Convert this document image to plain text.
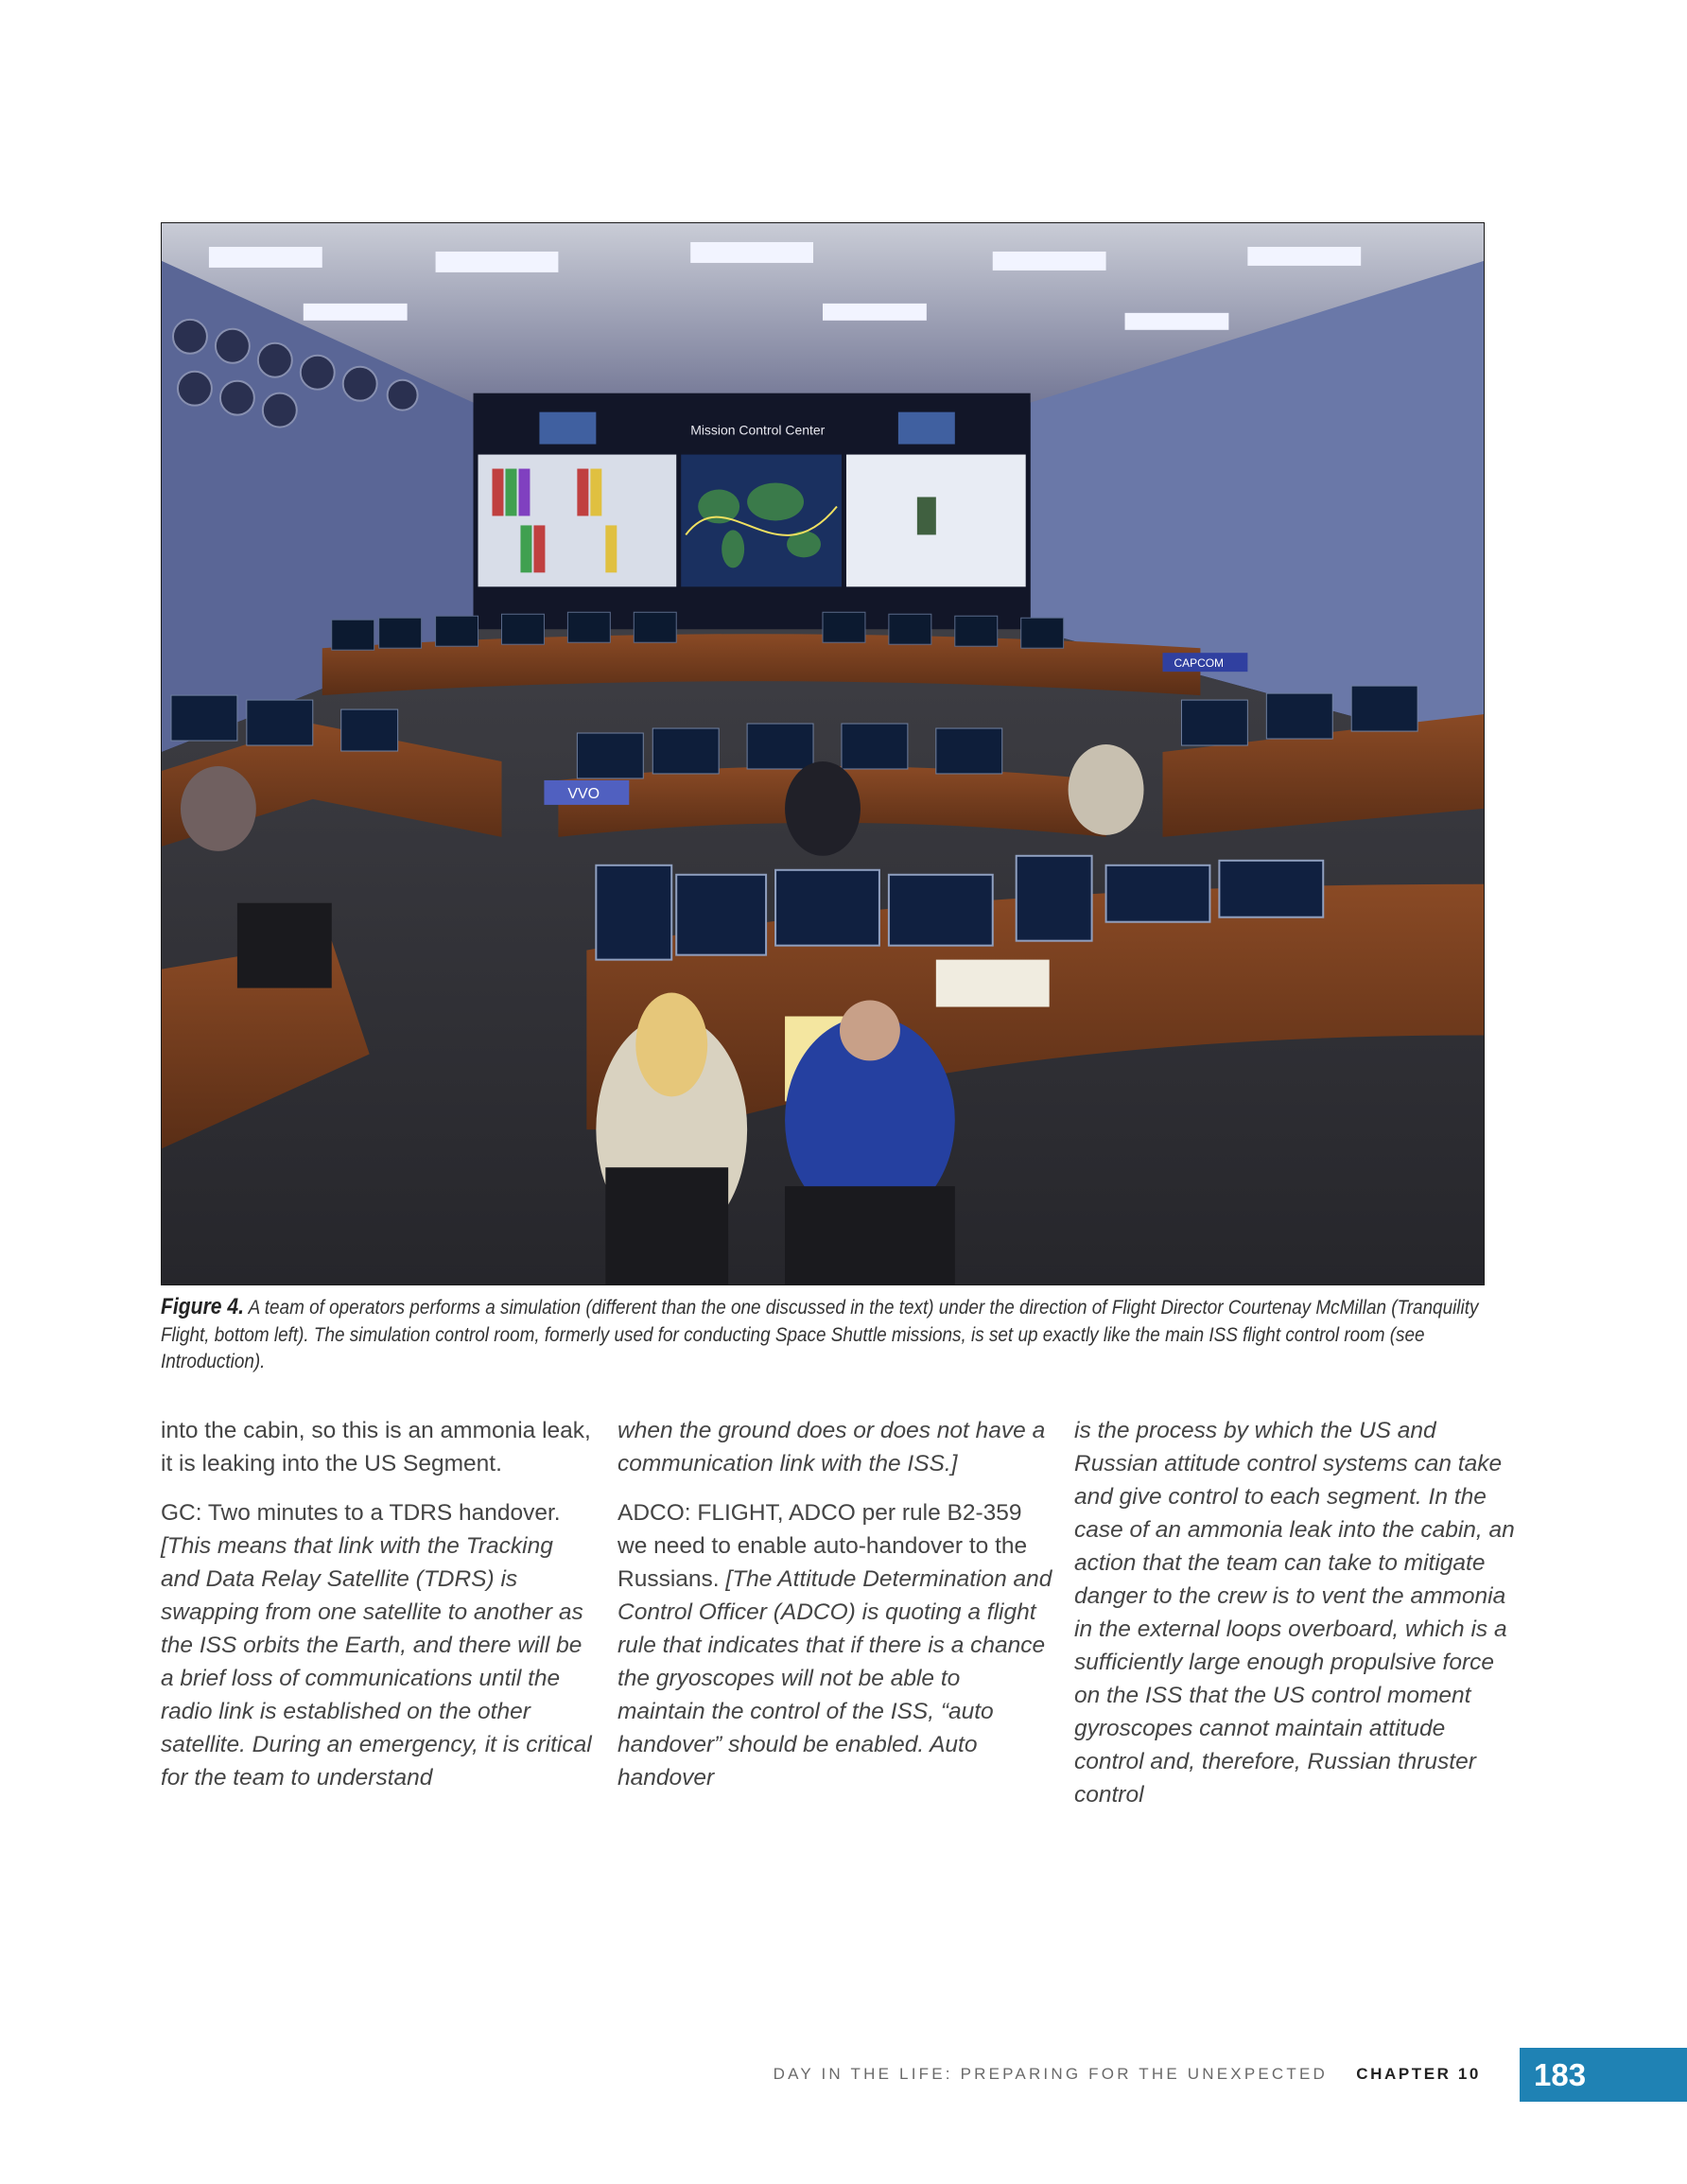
Mission Control Center
VVO
CAPCOM
Figure 4. A team of operators performs a simulation (different than the one discussed in the text) under the direction of Flight Director Courtenay McMillan (Tranquility Flight, bottom left). The simulation control room, formerly used for conducting Space Shuttle missions, is set up exactly like the main ISS flight control room (see Introduction).

into the cabin, so this is an ammonia leak, it is leaking into the US Segment.

GC: Two minutes to a TDRS handover. [This means that link with the Tracking and Data Relay Satellite (TDRS) is swapping from one satellite to another as the ISS orbits the Earth, and there will be a brief loss of communications until the radio link is established on the other satellite. During an emergency, it is critical for the team to understand

when the ground does or does not have a communication link with the ISS.]

ADCO: FLIGHT, ADCO per rule B2-359 we need to enable auto-handover to the Russians. [The Attitude Determination and Control Officer (ADCO) is quoting a flight rule that indicates that if there is a chance the gryoscopes will not be able to maintain the control of the ISS, “auto handover” should be enabled. Auto handover

is the process by which the US and Russian attitude control systems can take and give control to each segment. In the case of an ammonia leak into the cabin, an action that the team can take to mitigate danger to the crew is to vent the ammonia in the external loops overboard, which is a sufficiently large enough propulsive force on the ISS that the US control moment gyroscopes cannot maintain attitude control and, therefore, Russian thruster control

DAY IN THE LIFE: PREPARING FOR THE UNEXPECTED CHAPTER 10	183
